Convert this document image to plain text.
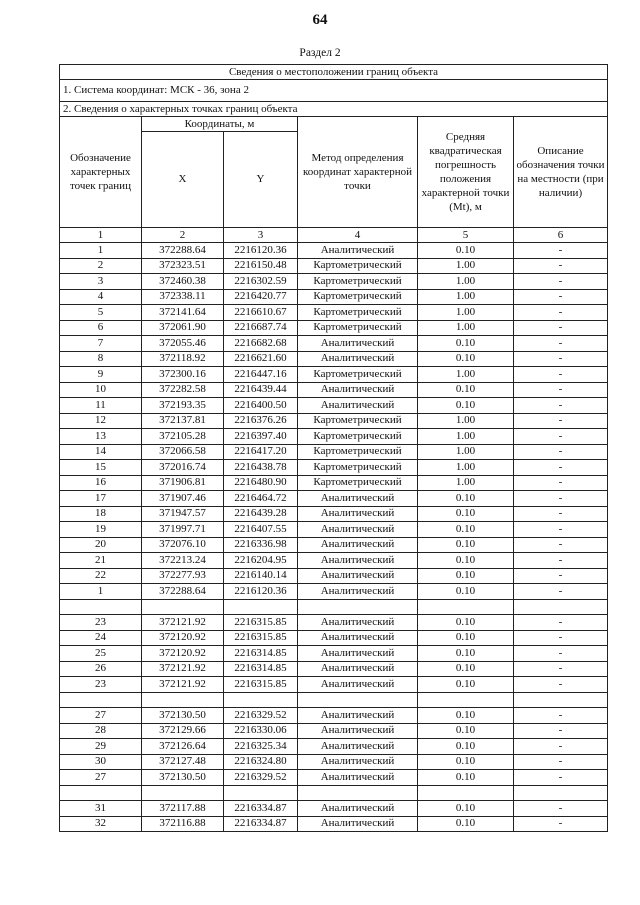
64
Раздел 2
Сведения о местоположении границ объекта					
1. Система координат: МСК - 36, зона 2					
2. Сведения о характерных точках границ объекта					
Обозначение характерных точек границ	Координаты, м		Метод определения координат характерной точки	Средняя квадратическая погрешность положения характерной точки (Mt), м	Описание обозначения точки на местности (при наличии)
	X	Y			
1	2	3	4	5	6
1	372288.64	2216120.36	Аналитический	0.10	-
2	372323.51	2216150.48	Картометрический	1.00	-
3	372460.38	2216302.59	Картометрический	1.00	-
4	372338.11	2216420.77	Картометрический	1.00	-
5	372141.64	2216610.67	Картометрический	1.00	-
6	372061.90	2216687.74	Картометрический	1.00	-
7	372055.46	2216682.68	Аналитический	0.10	-
8	372118.92	2216621.60	Аналитический	0.10	-
9	372300.16	2216447.16	Картометрический	1.00	-
10	372282.58	2216439.44	Аналитический	0.10	-
11	372193.35	2216400.50	Аналитический	0.10	-
12	372137.81	2216376.26	Картометрический	1.00	-
13	372105.28	2216397.40	Картометрический	1.00	-
14	372066.58	2216417.20	Картометрический	1.00	-
15	372016.74	2216438.78	Картометрический	1.00	-
16	371906.81	2216480.90	Картометрический	1.00	-
17	371907.46	2216464.72	Аналитический	0.10	-
18	371947.57	2216439.28	Аналитический	0.10	-
19	371997.71	2216407.55	Аналитический	0.10	-
20	372076.10	2216336.98	Аналитический	0.10	-
21	372213.24	2216204.95	Аналитический	0.10	-
22	372277.93	2216140.14	Аналитический	0.10	-
1	372288.64	2216120.36	Аналитический	0.10	-

23	372121.92	2216315.85	Аналитический	0.10	-
24	372120.92	2216315.85	Аналитический	0.10	-
25	372120.92	2216314.85	Аналитический	0.10	-
26	372121.92	2216314.85	Аналитический	0.10	-
23	372121.92	2216315.85	Аналитический	0.10	-

27	372130.50	2216329.52	Аналитический	0.10	-
28	372129.66	2216330.06	Аналитический	0.10	-
29	372126.64	2216325.34	Аналитический	0.10	-
30	372127.48	2216324.80	Аналитический	0.10	-
27	372130.50	2216329.52	Аналитический	0.10	-

31	372117.88	2216334.87	Аналитический	0.10	-
32	372116.88	2216334.87	Аналитический	0.10	-
